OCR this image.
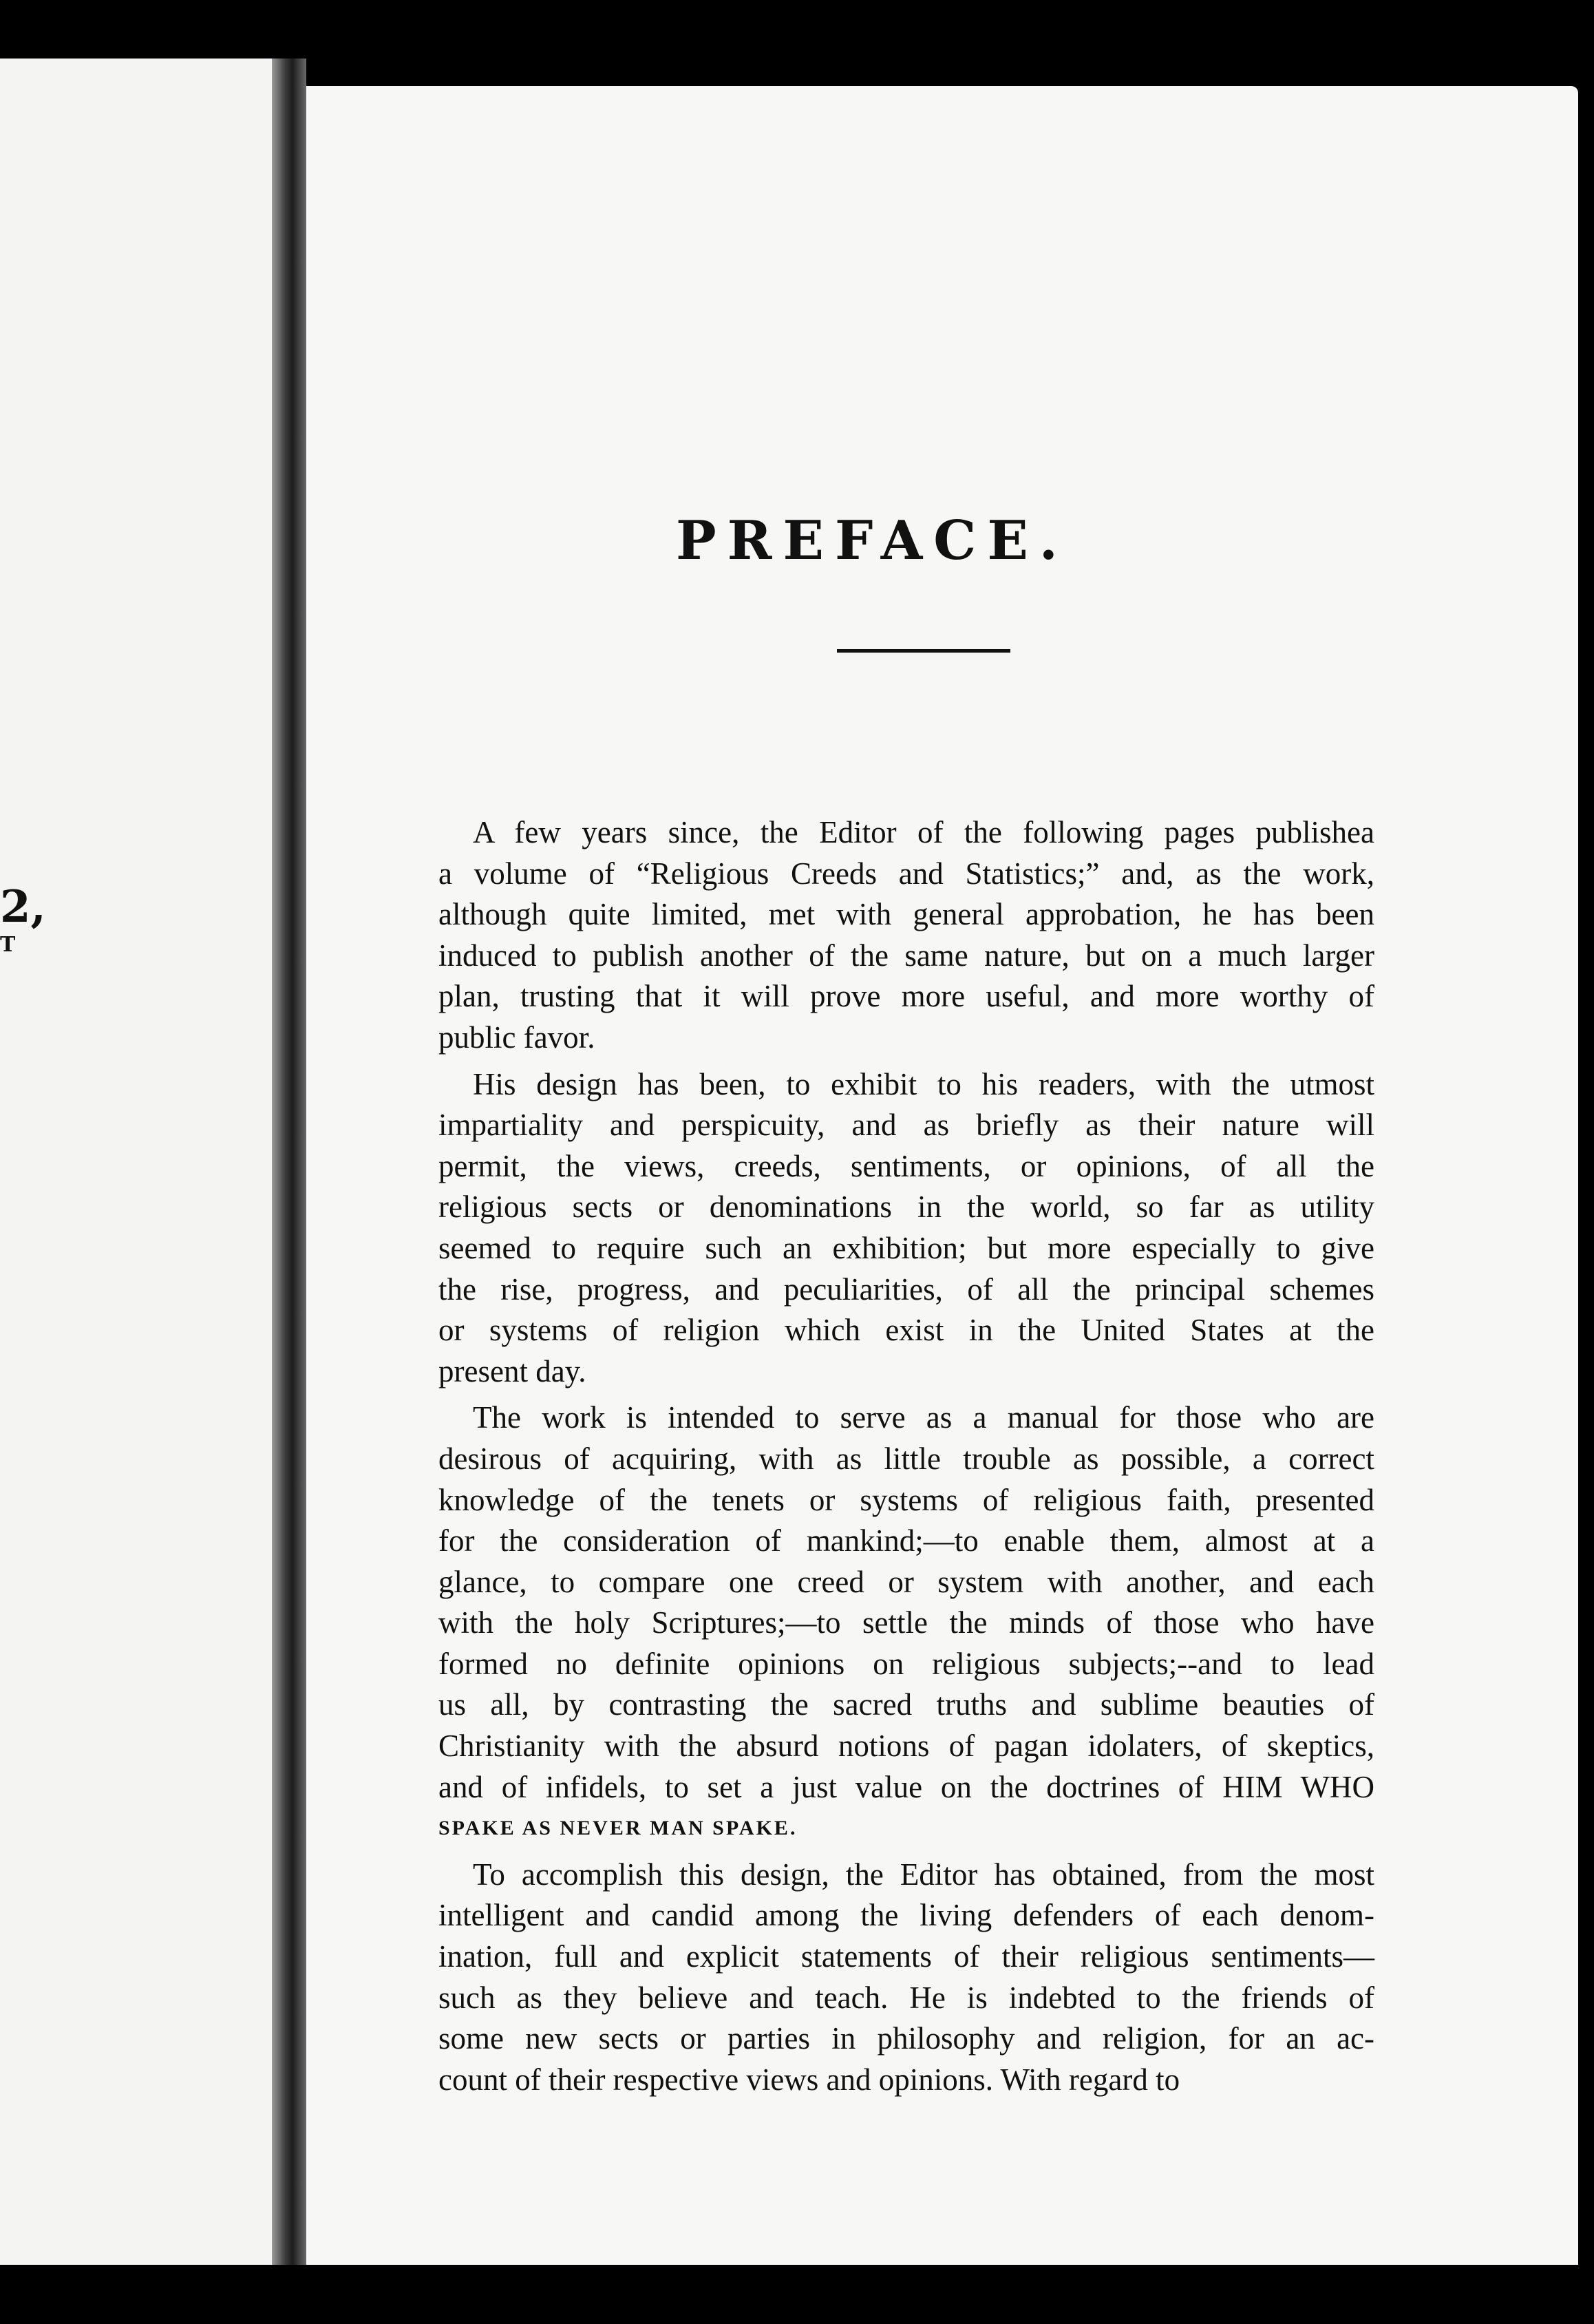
2,
T
PREFACE.
A few years since, the Editor of the following pages publishea
a volume of “Religious Creeds and Statistics;” and, as the work,
although quite limited, met with general approbation, he has been
induced to publish another of the same nature, but on a much larger
plan, trusting that it will prove more useful, and more worthy of
public favor.
His design has been, to exhibit to his readers, with the utmost
impartiality and perspicuity, and as briefly as their nature will
permit, the views, creeds, sentiments, or opinions, of all the
religious sects or denominations in the world, so far as utility
seemed to require such an exhibition; but more especially to give
the rise, progress, and peculiarities, of all the principal schemes
or systems of religion which exist in the United States at the
present day.
The work is intended to serve as a manual for those who are
desirous of acquiring, with as little trouble as possible, a correct
knowledge of the tenets or systems of religious faith, presented
for the consideration of mankind;—to enable them, almost at a
glance, to compare one creed or system with another, and each
with the holy Scriptures;—to settle the minds of those who have
formed no definite opinions on religious subjects;--and to lead
us all, by contrasting the sacred truths and sublime beauties of
Christianity with the absurd notions of pagan idolaters, of skeptics,
and of infidels, to set a just value on the doctrines of HIM WHO
SPAKE AS NEVER MAN SPAKE.
To accomplish this design, the Editor has obtained, from the most
intelligent and candid among the living defenders of each denom-
ination, full and explicit statements of their religious sentiments—
such as they believe and teach. He is indebted to the friends of
some new sects or parties in philosophy and religion, for an ac-
count of their respective views and opinions. With regard to
